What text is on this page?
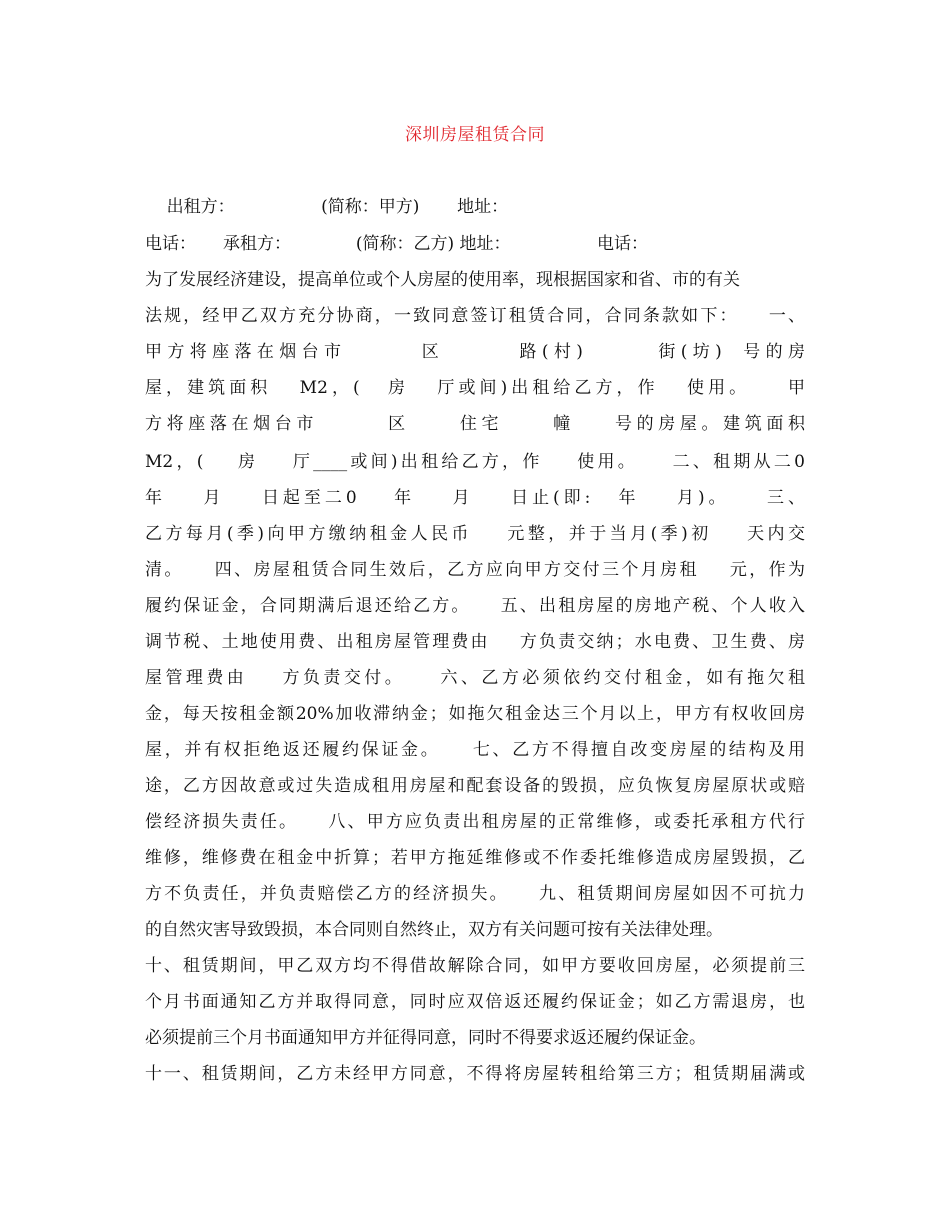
深圳房屋租赁合同
出租方：                (简称：甲方)       地址：
电话：     承租方：            (简称：乙方) 地址：                电话：
为了发展经济建设，提高单位或个人房屋的使用率，现根据国家和省、市的有关
法规，经甲乙双方充分协商，一致同意签订租赁合同，合同条款如下：    一、
甲方将座落在烟台市       区       路(村)       街(坊)  号的房
屋，建筑面积   M2，(   房   厅或间)出租给乙方，作   使用。    甲
方将座落在烟台市       区     住宅     幢    号的房屋。建筑面积
M2，(    房    厅____或间)出租给乙方，作    使用。    二、租期从二0
年    月    日起至二0    年    月    日止(即:   年    月)。    三、
乙方每月(季)向甲方缴纳租金人民币    元整，并于当月(季)初    天内交
清。    四、房屋租赁合同生效后，乙方应向甲方交付三个月房租    元，作为
履约保证金，合同期满后退还给乙方。    五、出租房屋的房地产税、个人收入
调节税、土地使用费、出租房屋管理费由    方负责交纳；水电费、卫生费、房
屋管理费由    方负责交付。    六、乙方必须依约交付租金，如有拖欠租
金，每天按租金额20%加收滞纳金；如拖欠租金达三个月以上，甲方有权收回房
屋，并有权拒绝返还履约保证金。    七、乙方不得擅自改变房屋的结构及用
途，乙方因故意或过失造成租用房屋和配套设备的毁损，应负恢复房屋原状或赔
偿经济损失责任。    八、甲方应负责出租房屋的正常维修，或委托承租方代行
维修，维修费在租金中折算；若甲方拖延维修或不作委托维修造成房屋毁损，乙
方不负责任，并负责赔偿乙方的经济损失。    九、租赁期间房屋如因不可抗力
的自然灾害导致毁损，本合同则自然终止，双方有关问题可按有关法律处理。
十、租赁期间，甲乙双方均不得借故解除合同，如甲方要收回房屋，必须提前三
个月书面通知乙方并取得同意，同时应双倍返还履约保证金；如乙方需退房，也
必须提前三个月书面通知甲方并征得同意，同时不得要求返还履约保证金。
十一、租赁期间，乙方未经甲方同意，不得将房屋转租给第三方；租赁期届满或
